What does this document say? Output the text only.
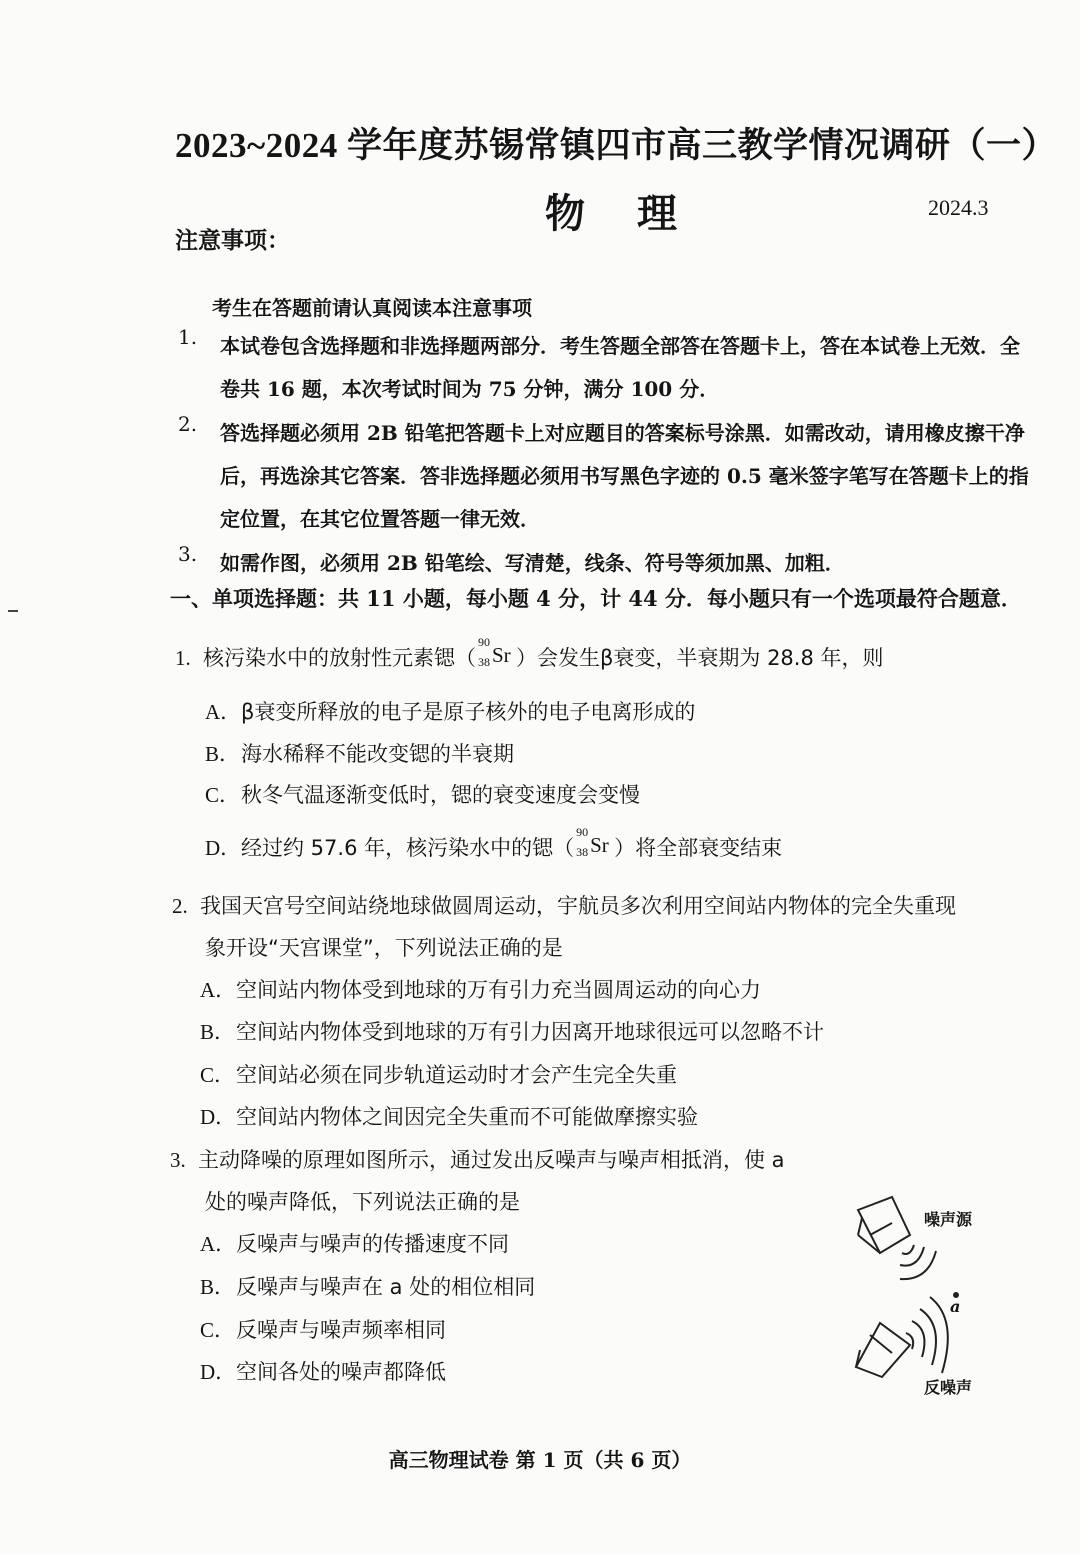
2023~2024 学年度苏锡常镇四市高三教学情况调研（一）
物理	2024.3
注意事项：
考生在答题前请认真阅读本注意事项
1. 本试卷包含选择题和非选择题两部分．考生答题全部答在答题卡上，答在本试卷上无效．全卷共 16 题，本次考试时间为 75 分钟，满分 100 分．
2. 答选择题必须用 2B 铅笔把答题卡上对应题目的答案标号涂黑．如需改动，请用橡皮擦干净后，再选涂其它答案．答非选择题必须用书写黑色字迹的 0.5 毫米签字笔写在答题卡上的指定位置，在其它位置答题一律无效．
3. 如需作图，必须用 2B 铅笔绘、写清楚，线条、符号等须加黑、加粗．
一、单项选择题：共 11 小题，每小题 4 分，计 44 分．每小题只有一个选项最符合题意．
1. 核污染水中的放射性元素锶（
90
38 Sr ）会发生β衰变，半衰期为 28.8 年，则
A．β衰变所释放的电子是原子核外的电子电离形成的
B．海水稀释不能改变锶的半衰期
C．秋冬气温逐渐变低时，锶的衰变速度会变慢
D．经过约 57.6 年，核污染水中的锶（
90
38 Sr ）将全部衰变结束
2. 我国天宫号空间站绕地球做圆周运动，宇航员多次利用空间站内物体的完全失重现
象开设“天宫课堂”，下列说法正确的是
A．空间站内物体受到地球的万有引力充当圆周运动的向心力
B．空间站内物体受到地球的万有引力因离开地球很远可以忽略不计
C．空间站必须在同步轨道运动时才会产生完全失重
D．空间站内物体之间因完全失重而不可能做摩擦实验
3. 主动降噪的原理如图所示，通过发出反噪声与噪声相抵消，使 a
处的噪声降低，下列说法正确的是
A．反噪声与噪声的传播速度不同
B．反噪声与噪声在 a 处的相位相同
C．反噪声与噪声频率相同
D．空间各处的噪声都降低
噪声源
a
反噪声
高三物理试卷 第 1 页（共 6 页）
